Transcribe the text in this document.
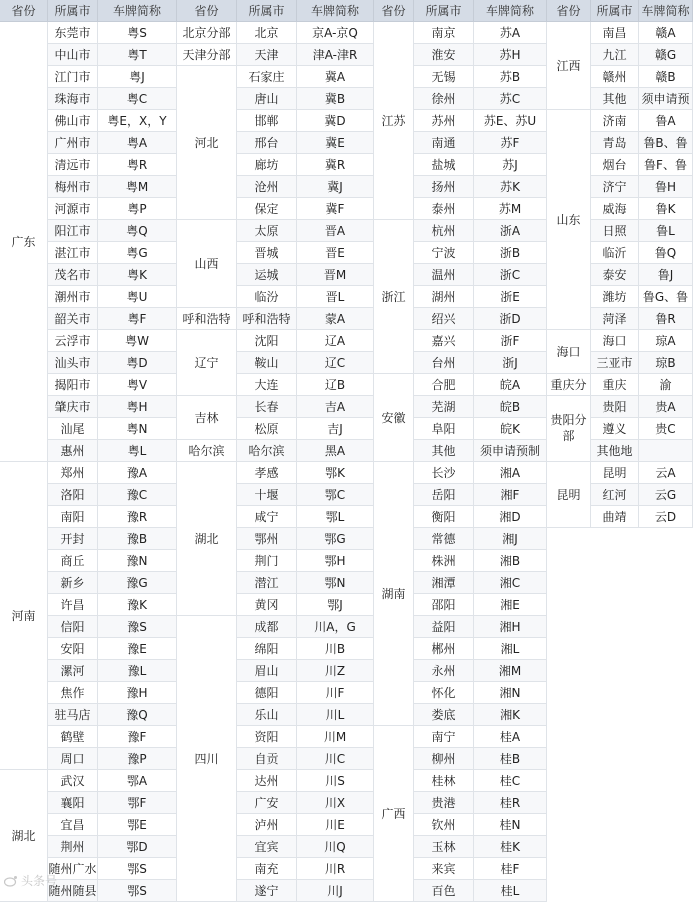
省份	所属市	车牌简称
广东
东莞市	粤S
中山市	粤T
江门市	粤J
珠海市	粤C
佛山市	粤E，X，Y
广州市	粤A
清远市	粤R
梅州市	粤M
河源市	粤P
阳江市	粤Q
湛江市	粤G
茂名市	粤K
潮州市	粤U
韶关市	粤F
云浮市	粤W
汕头市	粤D
揭阳市	粤V
肇庆市	粤H
汕尾	粤N
惠州	粤L
河南
郑州	豫A
洛阳	豫C
南阳	豫R
开封	豫B
商丘	豫N
新乡	豫G
许昌	豫K
信阳	豫S
安阳	豫E
漯河	豫L
焦作	豫H
驻马店	豫Q
鹤壁	豫F
周口	豫P
湖北
武汉	鄂A
襄阳	鄂F
宜昌	鄂E
荆州	鄂D
随州广水	鄂S
随州随县	鄂S
省份	所属市	车牌简称
北京分部	北京	京A-京Q
天津分部	天津	津A-津R
河北
石家庄	冀A
唐山	冀B
邯郸	冀D
邢台	冀E
廊坊	冀R
沧州	冀J
保定	冀F
山西
太原	晋A
晋城	晋E
运城	晋M
临汾	晋L
呼和浩特 呼和浩特	蒙A
辽宁
沈阳	辽A
鞍山	辽C
大连	辽B
吉林
长春	吉A
松原	吉J
哈尔滨	哈尔滨	黑A
湖北
孝感	鄂K
十堰	鄂C
咸宁	鄂L
鄂州	鄂G
荆门	鄂H
潜江	鄂N
黄冈	鄂J
四川
成都	川A，G
绵阳	川B
眉山	川Z
德阳	川F
乐山	川L
资阳	川M
自贡	川C
达州	川S
广安	川X
泸州	川E
宜宾	川Q
南充	川R
遂宁	川J
省份	所属市	车牌简称
江苏
南京	苏A
淮安	苏H
无锡	苏B
徐州	苏C
苏州	苏E、苏U
南通	苏F
盐城	苏J
扬州	苏K
泰州	苏M
浙江
杭州	浙A
宁波	浙B
温州	浙C
湖州	浙E
绍兴	浙D
嘉兴	浙F
台州	浙J
安徽
合肥	皖A
芜湖	皖B
阜阳	皖K
其他	须申请预制
湖南
长沙	湘A
岳阳	湘F
衡阳	湘D
常德	湘J
株洲	湘B
湘潭	湘C
邵阳	湘E
益阳	湘H
郴州	湘L
永州	湘M
怀化	湘N
娄底	湘K
广西
南宁	桂A
柳州	桂B
桂林	桂C
贵港	桂R
钦州	桂N
玉林	桂K
来宾	桂F
百色	桂L
省份	所属市 车牌简称
江西
南昌	赣A
九江	赣G
赣州	赣B
其他	须申请预
山东
济南	鲁A
青岛	鲁B、鲁
烟台	鲁F、鲁
济宁	鲁H
威海	鲁K
日照	鲁L
临沂	鲁Q
泰安	鲁J
潍坊	鲁G、鲁
菏泽	鲁R
海口
海口	琼A
三亚市	琼B
重庆分	重庆	渝
贵阳分部
贵阳	贵A
遵义	贵C
其他地
昆明
昆明	云A
红河	云G
曲靖	云D
头条号
